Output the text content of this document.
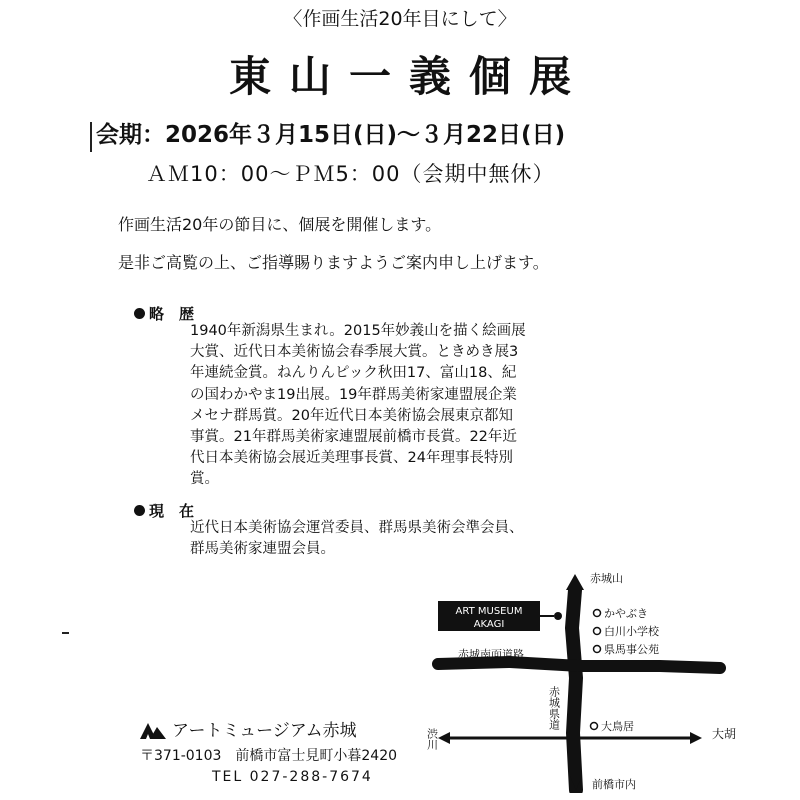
〈作画生活20年目にして〉
東山一義個展
会期：2026年３月15日(日)～３月22日(日)
ＡＭ10：00～ＰＭ5：00（会期中無休）
作画生活20年の節目に、個展を開催します。
是非ご高覧の上、ご指導賜りますようご案内申し上げます。
略　歴
1940年新潟県生まれ。2015年妙義山を描く絵画展
大賞、近代日本美術協会春季展大賞。ときめき展3
年連続金賞。ねんりんピック秋田17、富山18、紀
の国わかやま19出展。19年群馬美術家連盟展企業
メセナ群馬賞。20年近代日本美術協会展東京都知
事賞。21年群馬美術家連盟展前橋市長賞。22年近
代日本美術協会展近美理事長賞、24年理事長特別
賞。
現　在
近代日本美術協会運営委員、群馬県美術会準会員、
群馬美術家連盟会員。
アートミュージアム赤城
〒371-0103　前橋市富士見町小暮2420
TEL 027-288-7674
ART MUSEUM
AKAGI
かやぶき
白川小学校
県馬事公苑
大鳥居
赤城山
赤城南面道路
赤城県道
渋川	大胡
前橋市内
